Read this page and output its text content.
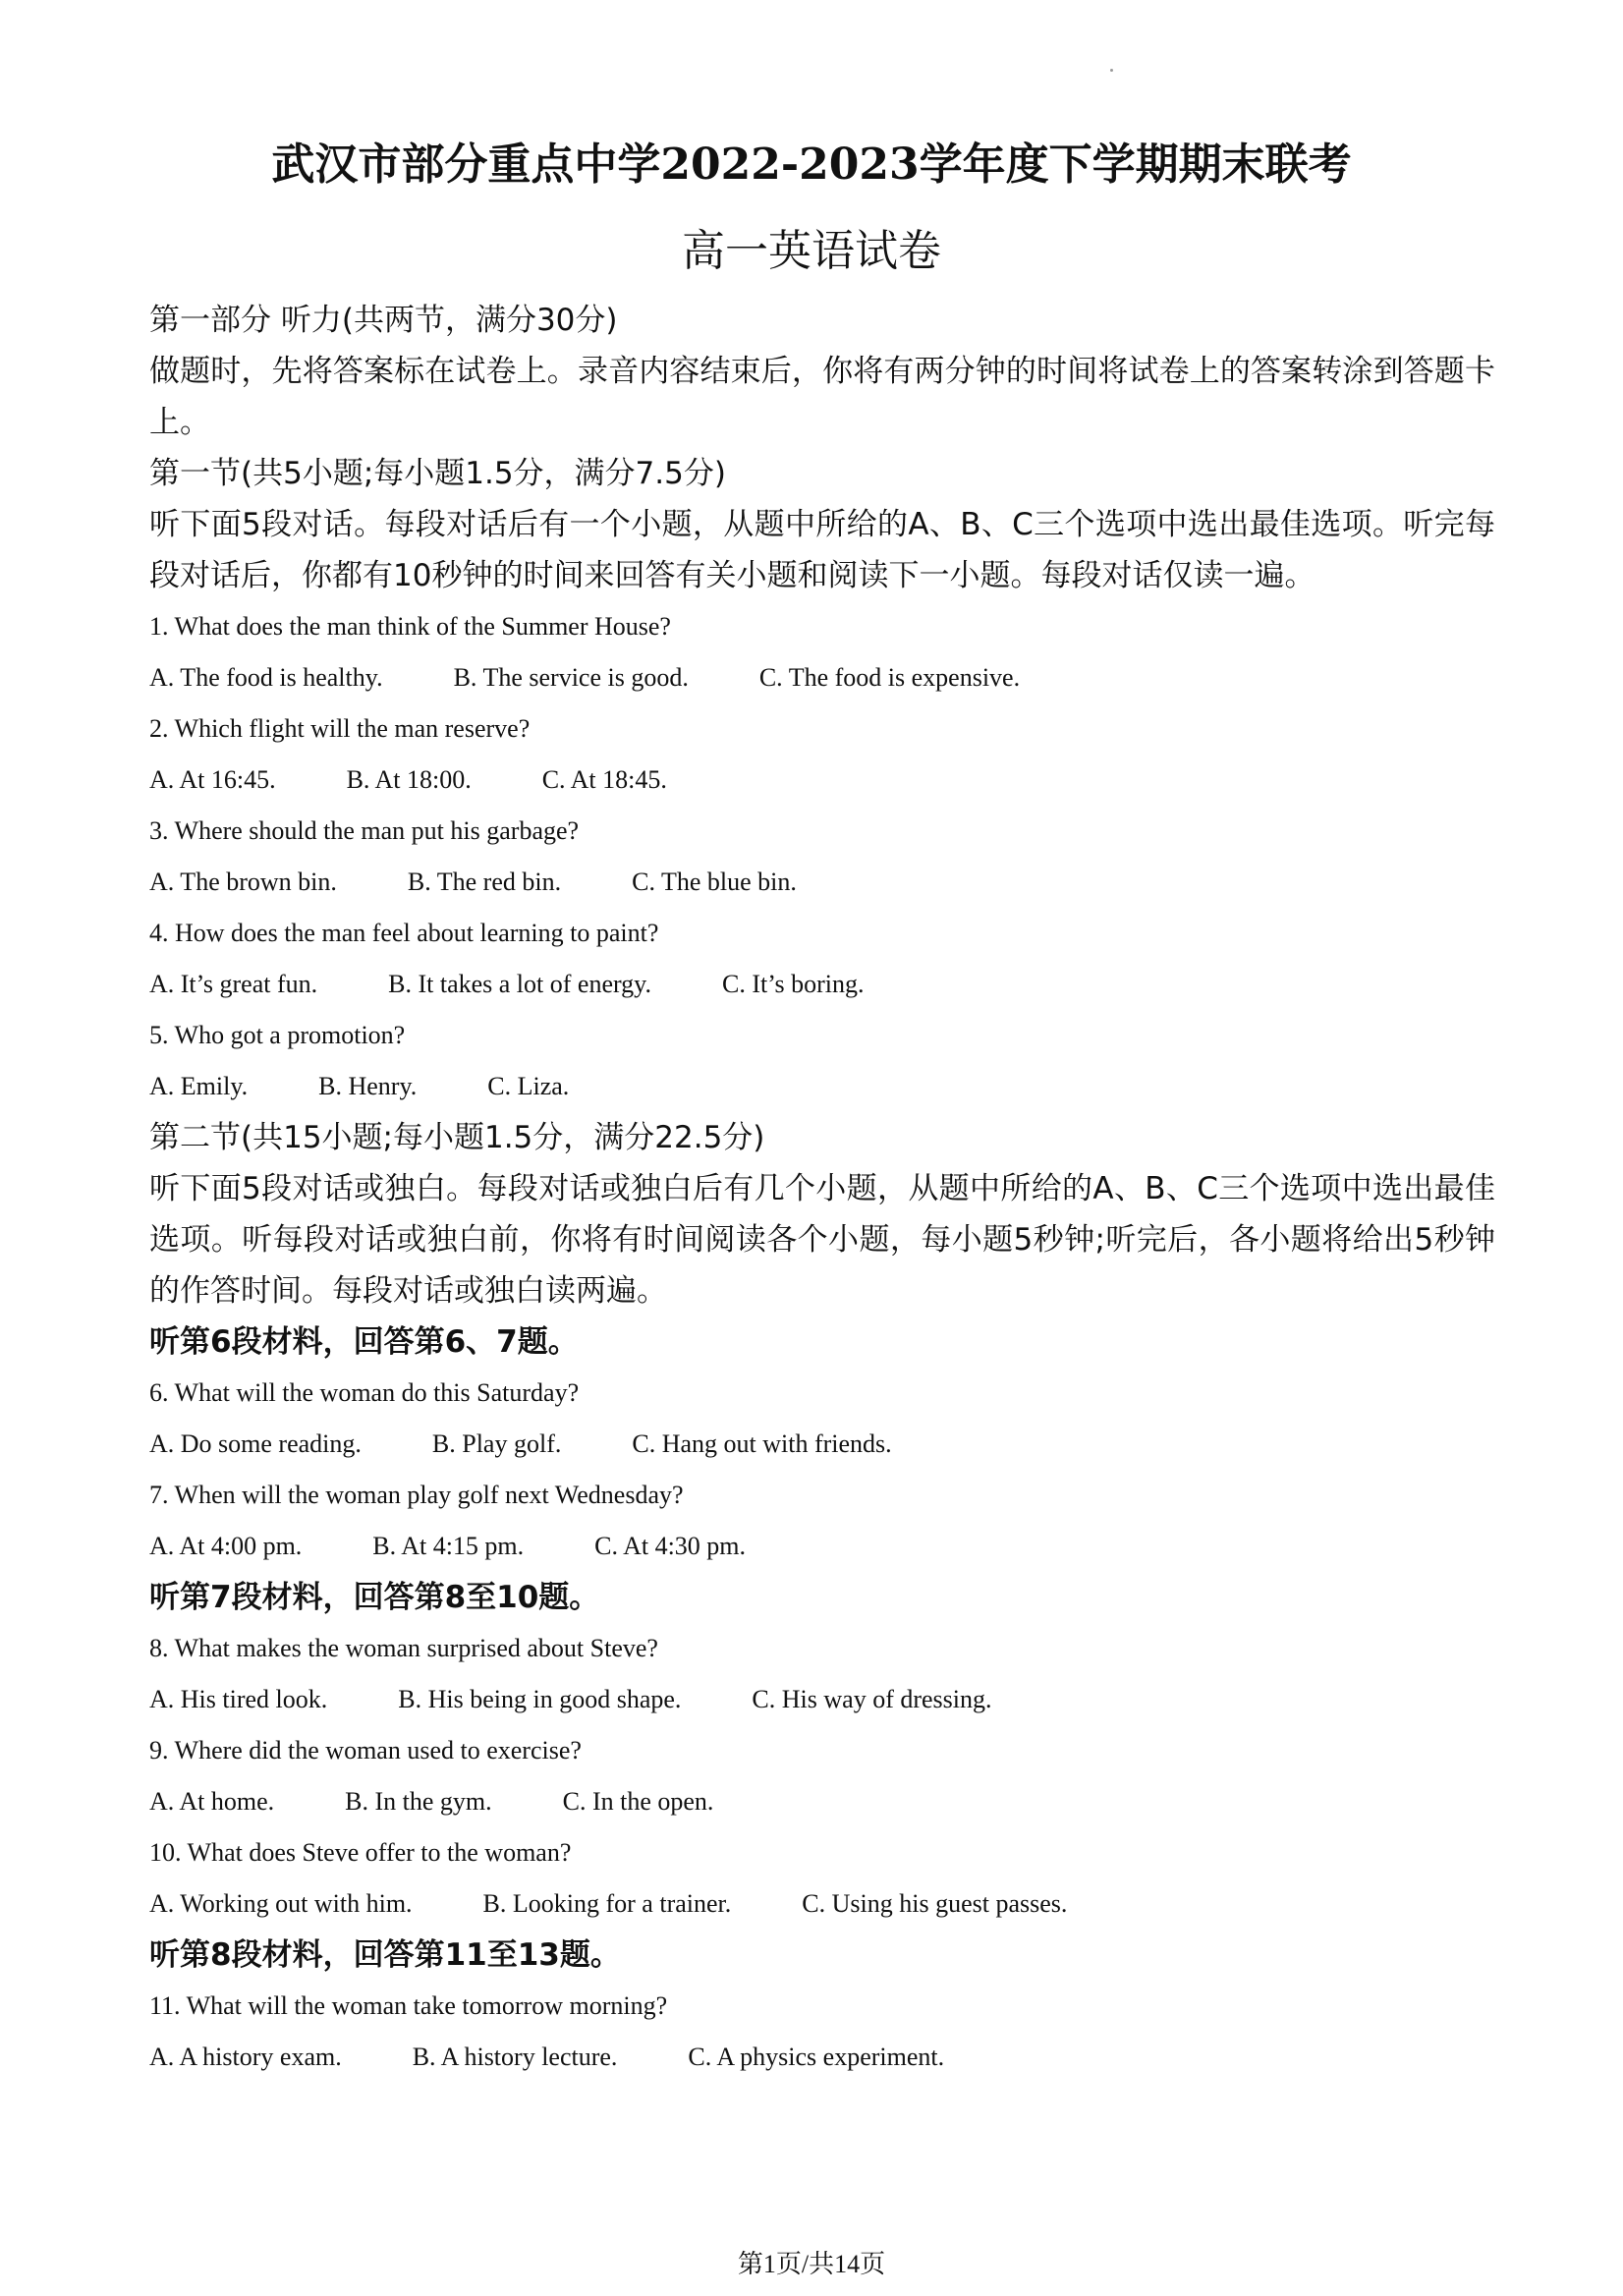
武汉市部分重点中学2022-2023学年度下学期期末联考
高一英语试卷
第一部分 听力(共两节，满分30分)
做题时，先将答案标在试卷上。录音内容结束后，你将有两分钟的时间将试卷上的答案转涂到答题卡上。
第一节(共5小题;每小题1.5分，满分7.5分)
听下面5段对话。每段对话后有一个小题，从题中所给的A、B、C三个选项中选出最佳选项。听完每段对话后，你都有10秒钟的时间来回答有关小题和阅读下一小题。每段对话仅读一遍。
1. What does the man think of the Summer House?
A. The food is healthy.	B. The service is good.	C. The food is expensive.
2. Which flight will the man reserve?
A. At 16:45.	B. At 18:00.	C. At 18:45.
3. Where should the man put his garbage?
A. The brown bin.	B. The red bin.	C. The blue bin.
4. How does the man feel about learning to paint?
A. It’s great fun.	B. It takes a lot of energy.	C. It’s boring.
5. Who got a promotion?
A. Emily.	B. Henry.	C. Liza.
第二节(共15小题;每小题1.5分，满分22.5分)
听下面5段对话或独白。每段对话或独白后有几个小题，从题中所给的A、B、C三个选项中选出最佳选项。听每段对话或独白前，你将有时间阅读各个小题，每小题5秒钟;听完后，各小题将给出5秒钟的作答时间。每段对话或独白读两遍。
听第6段材料，回答第6、7题。
6. What will the woman do this Saturday?
A. Do some reading.	B. Play golf.	C. Hang out with friends.
7. When will the woman play golf next Wednesday?
A. At 4:00 pm.	B. At 4:15 pm.	C. At 4:30 pm.
听第7段材料，回答第8至10题。
8. What makes the woman surprised about Steve?
A. His tired look.	B. His being in good shape.	C. His way of dressing.
9. Where did the woman used to exercise?
A. At home.	B. In the gym.	C. In the open.
10. What does Steve offer to the woman?
A. Working out with him.	B. Looking for a trainer.	C. Using his guest passes.
听第8段材料，回答第11至13题。
11. What will the woman take tomorrow morning?
A. A history exam.	B. A history lecture.	C. A physics experiment.
第1页/共14页
